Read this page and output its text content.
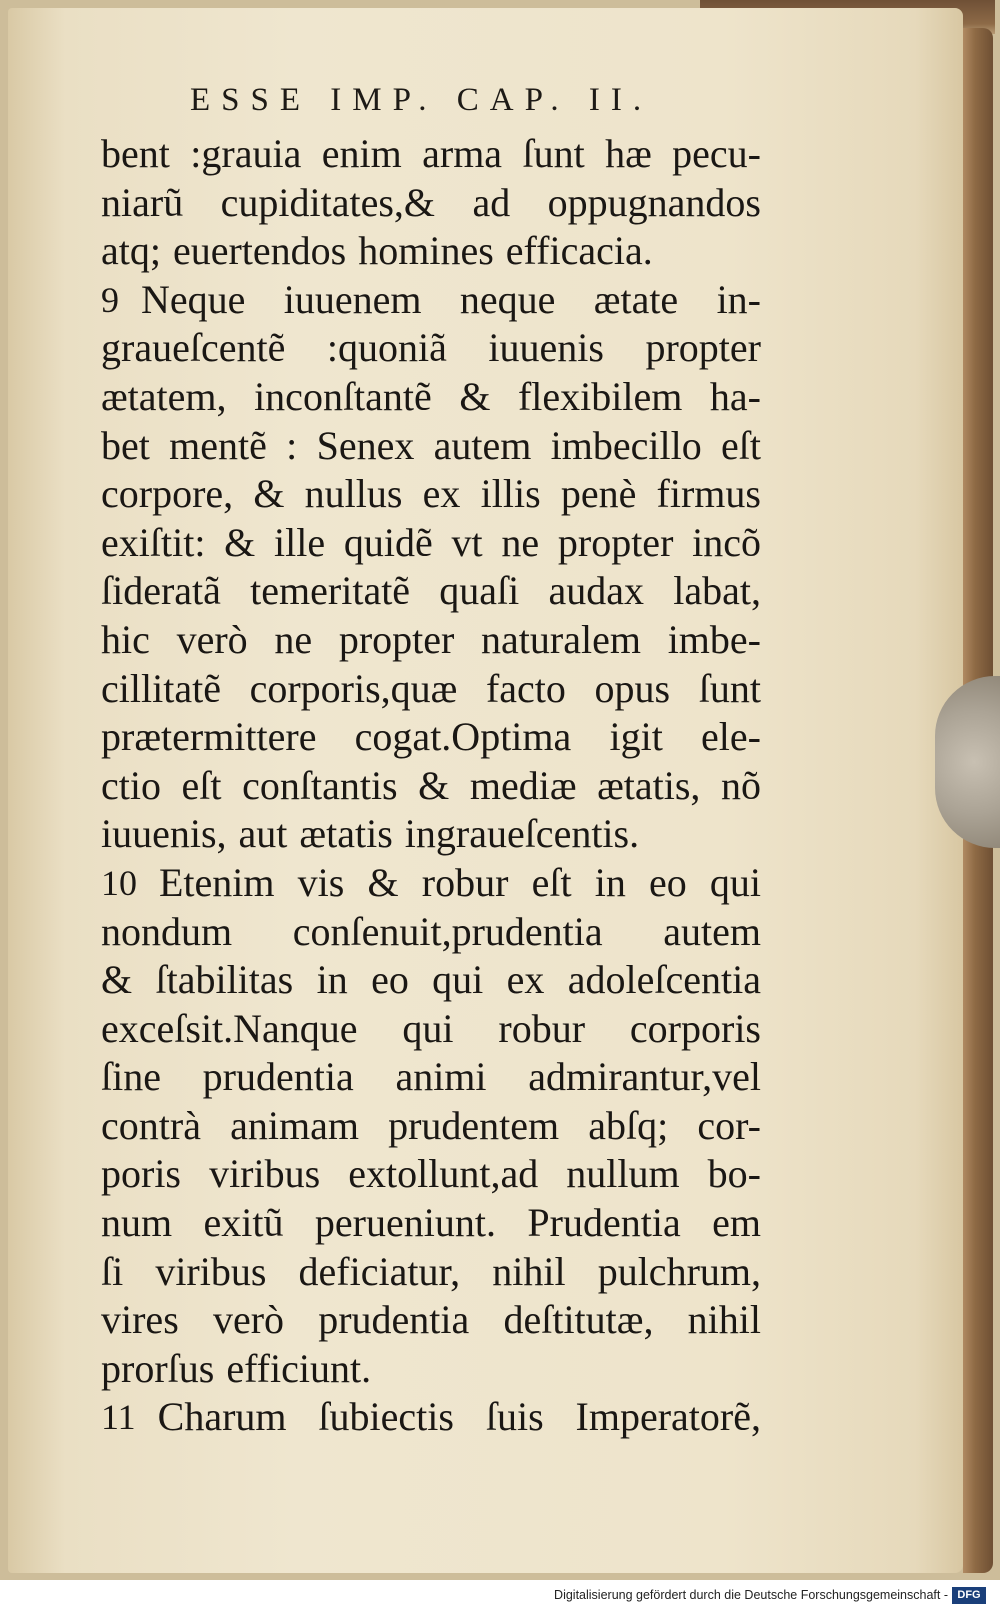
ESSE IMP. CAP. II.
bent :grauia enim arma ſunt hæ pecu-
niarũ cupiditates,& ad oppugnandos
atq; euertendos homines efficacia.
9 Neque iuuenem neque ætate in-
graueſcentẽ :quoniã iuuenis propter
ætatem, inconſtantẽ & flexibilem ha-
bet mentẽ : Senex autem imbecillo eſt
corpore, & nullus ex illis penè firmus
exiſtit: & ille quidẽ vt ne propter incõ
ſideratã temeritatẽ quaſi audax labat,
hic verò ne propter naturalem imbe-
cillitatẽ corporis,quæ facto opus ſunt
prætermittere cogat.Optima igit ele-
ctio eſt conſtantis & mediæ ætatis, nõ
iuuenis, aut ætatis ingraueſcentis.
10 Etenim vis & robur eſt in eo qui
nondum conſenuit,prudentia autem
& ſtabilitas in eo qui ex adoleſcentia
exceſsit.Nanque qui robur corporis
ſine prudentia animi admirantur,vel
contrà animam prudentem abſq; cor-
poris viribus extollunt,ad nullum bo-
num exitũ perueniunt. Prudentia em
ſi viribus deficiatur, nihil pulchrum,
vires verò prudentia deſtitutæ, nihil
prorſus efficiunt.
11 Charum ſubiectis ſuis Imperatorẽ,
Digitalisierung gefördert durch die Deutsche Forschungsgemeinschaft - DFG
